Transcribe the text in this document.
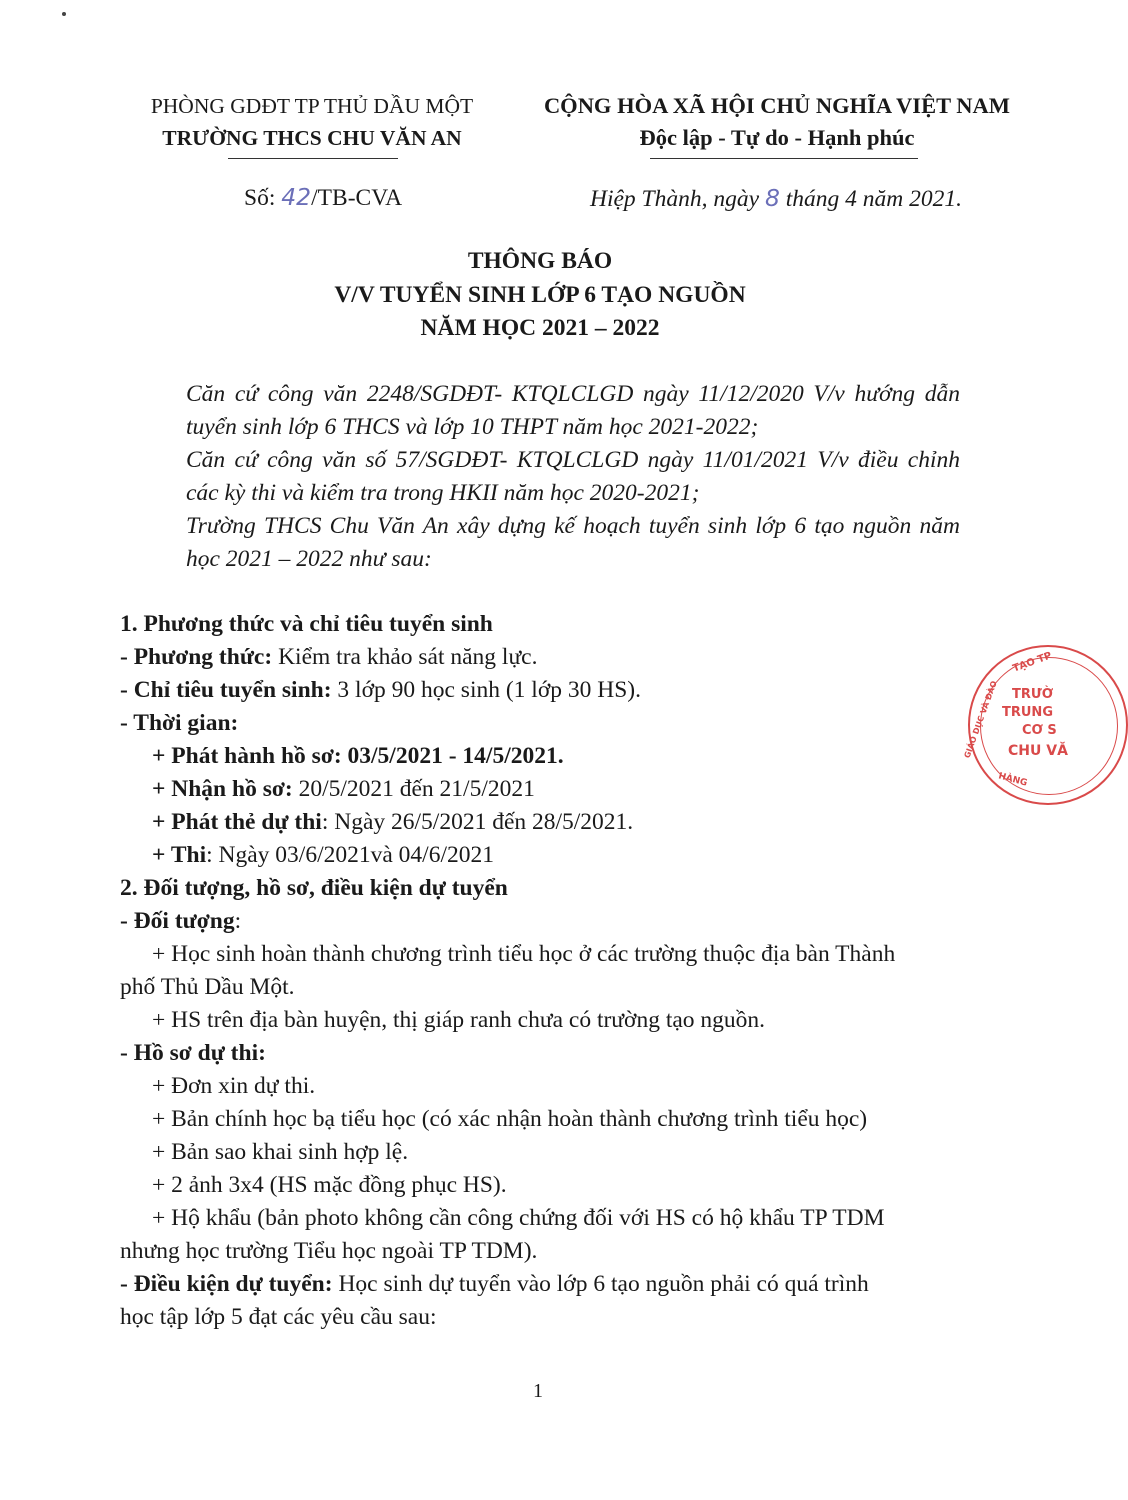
PHÒNG GDĐT TP THỦ DẦU MỘT
TRƯỜNG THCS CHU VĂN AN
CỘNG HÒA XÃ HỘI CHỦ NGHĨA VIỆT NAM
Độc lập - Tự do - Hạnh phúc
Số: 42/TB-CVA	Hiệp Thành, ngày 8 tháng 4 năm 2021.
THÔNG BÁO
V/V TUYỂN SINH LỚP 6 TẠO NGUỒN
NĂM HỌC 2021 – 2022
Căn cứ công văn 2248/SGDĐT- KTQLCLGD ngày 11/12/2020 V/v hướng dẫn tuyển sinh lớp 6 THCS và lớp 10 THPT năm học 2021-2022;
Căn cứ công văn số 57/SGDĐT- KTQLCLGD ngày 11/01/2021 V/v điều chỉnh các kỳ thi và kiểm tra trong HKII năm học 2020-2021;
Trường THCS Chu Văn An xây dựng kế hoạch tuyển sinh lớp 6 tạo nguồn năm học 2021 – 2022 như sau:
1. Phương thức và chỉ tiêu tuyển sinh
- Phương thức: Kiểm tra khảo sát năng lực.
- Chỉ tiêu tuyển sinh: 3 lớp 90 học sinh (1 lớp 30 HS).
- Thời gian:
+ Phát hành hồ sơ: 03/5/2021 - 14/5/2021.
+ Nhận hồ sơ: 20/5/2021 đến 21/5/2021
+ Phát thẻ dự thi: Ngày 26/5/2021 đến 28/5/2021.
+ Thi: Ngày 03/6/2021và 04/6/2021
2. Đối tượng, hồ sơ, điều kiện dự tuyển
- Đối tượng:
+ Học sinh hoàn thành chương trình tiểu học ở các trường thuộc địa bàn Thành
phố Thủ Dầu Một.
+ HS trên địa bàn huyện, thị giáp ranh chưa có trường tạo nguồn.
- Hồ sơ dự thi:
+ Đơn xin dự thi.
+ Bản chính học bạ tiểu học (có xác nhận hoàn thành chương trình tiểu học)
+ Bản sao khai sinh hợp lệ.
+ 2 ảnh 3x4 (HS mặc đồng phục HS).
+ Hộ khẩu (bản photo không cần công chứng đối với HS có hộ khẩu TP TDM
nhưng học trường Tiểu học ngoài TP TDM).
- Điều kiện dự tuyển: Học sinh dự tuyển vào lớp 6 tạo nguồn phải có quá trình
học tập lớp 5 đạt các yêu cầu sau:
TẠO TP
GIÁO DỤC VÀ ĐÀO TRƯỜ
TRUNG
CƠ S
CHU VĂ
HÀNG
1
